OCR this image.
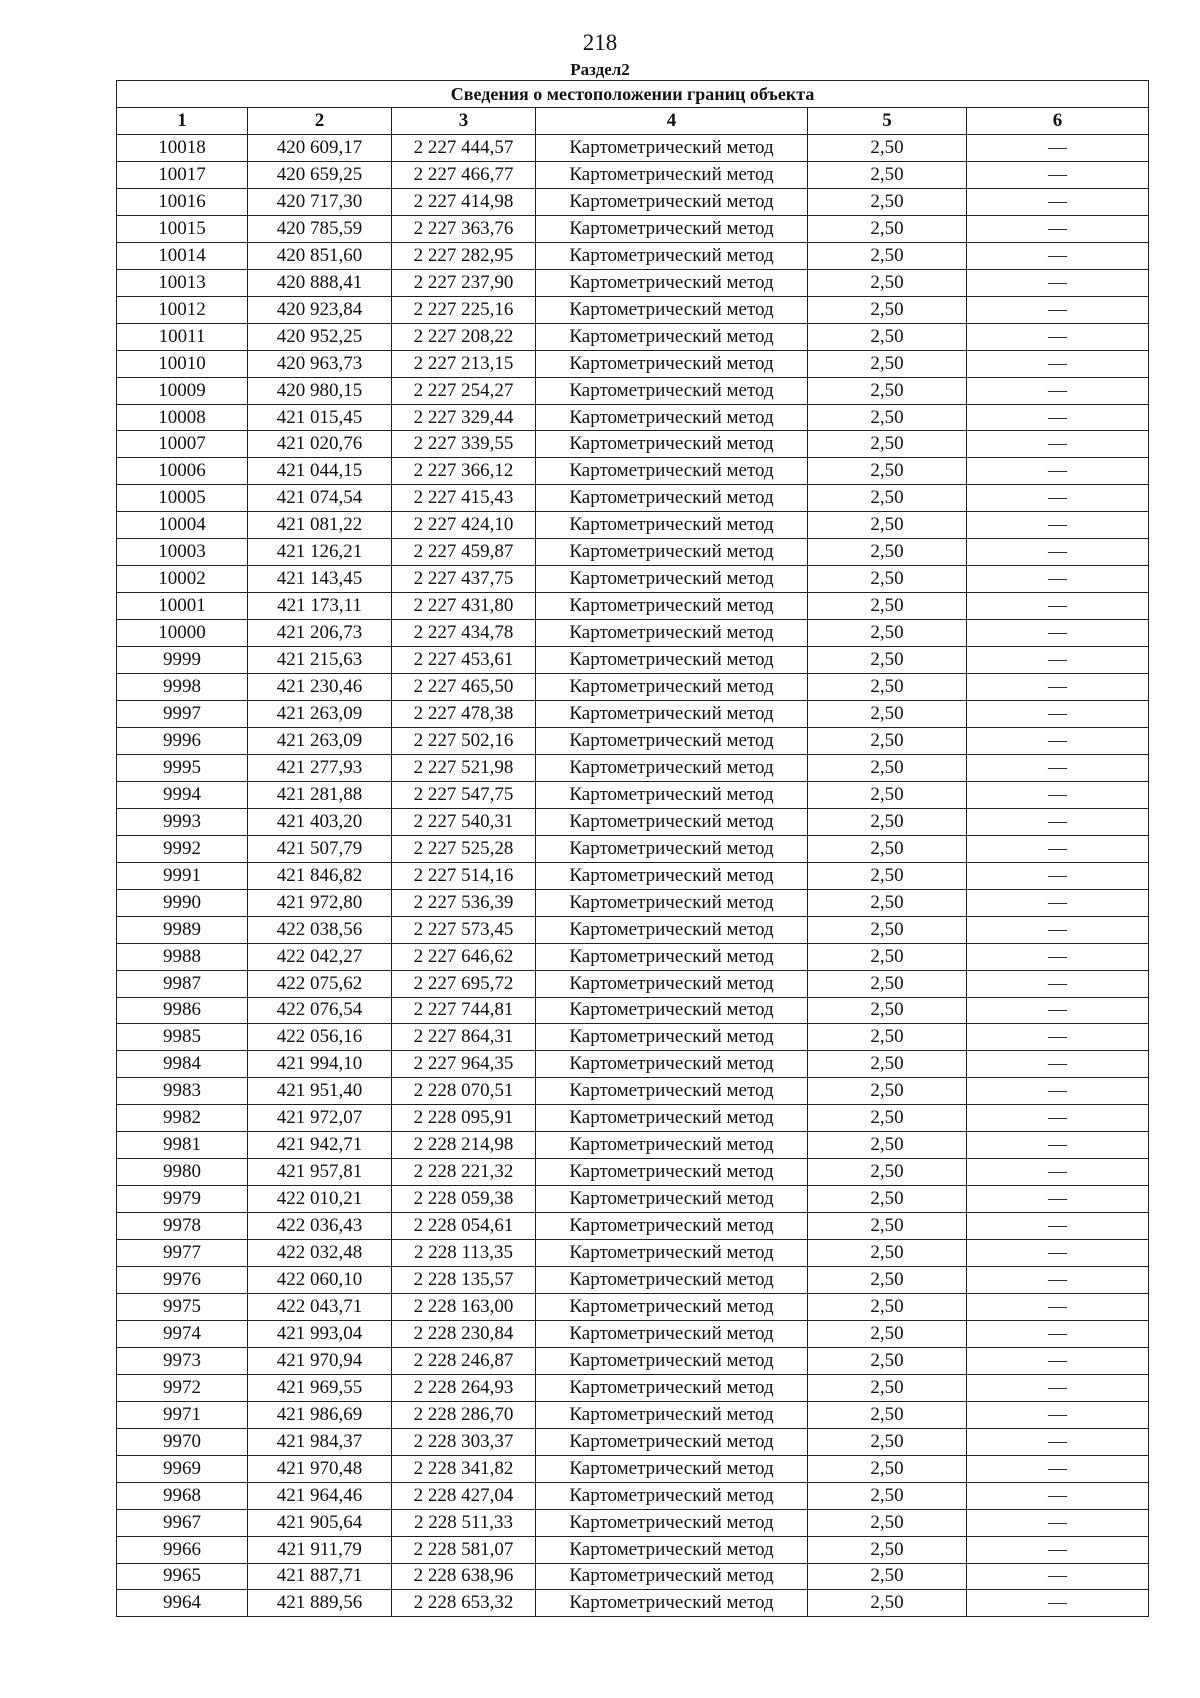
218
Раздел2
Сведения о местоположении границ объекта					
1	2	3	4	5	6
10018	420 609,17	2 227 444,57	Картометрический метод	2,50	—
10017	420 659,25	2 227 466,77	Картометрический метод	2,50	—
10016	420 717,30	2 227 414,98	Картометрический метод	2,50	—
10015	420 785,59	2 227 363,76	Картометрический метод	2,50	—
10014	420 851,60	2 227 282,95	Картометрический метод	2,50	—
10013	420 888,41	2 227 237,90	Картометрический метод	2,50	—
10012	420 923,84	2 227 225,16	Картометрический метод	2,50	—
10011	420 952,25	2 227 208,22	Картометрический метод	2,50	—
10010	420 963,73	2 227 213,15	Картометрический метод	2,50	—
10009	420 980,15	2 227 254,27	Картометрический метод	2,50	—
10008	421 015,45	2 227 329,44	Картометрический метод	2,50	—
10007	421 020,76	2 227 339,55	Картометрический метод	2,50	—
10006	421 044,15	2 227 366,12	Картометрический метод	2,50	—
10005	421 074,54	2 227 415,43	Картометрический метод	2,50	—
10004	421 081,22	2 227 424,10	Картометрический метод	2,50	—
10003	421 126,21	2 227 459,87	Картометрический метод	2,50	—
10002	421 143,45	2 227 437,75	Картометрический метод	2,50	—
10001	421 173,11	2 227 431,80	Картометрический метод	2,50	—
10000	421 206,73	2 227 434,78	Картометрический метод	2,50	—
9999	421 215,63	2 227 453,61	Картометрический метод	2,50	—
9998	421 230,46	2 227 465,50	Картометрический метод	2,50	—
9997	421 263,09	2 227 478,38	Картометрический метод	2,50	—
9996	421 263,09	2 227 502,16	Картометрический метод	2,50	—
9995	421 277,93	2 227 521,98	Картометрический метод	2,50	—
9994	421 281,88	2 227 547,75	Картометрический метод	2,50	—
9993	421 403,20	2 227 540,31	Картометрический метод	2,50	—
9992	421 507,79	2 227 525,28	Картометрический метод	2,50	—
9991	421 846,82	2 227 514,16	Картометрический метод	2,50	—
9990	421 972,80	2 227 536,39	Картометрический метод	2,50	—
9989	422 038,56	2 227 573,45	Картометрический метод	2,50	—
9988	422 042,27	2 227 646,62	Картометрический метод	2,50	—
9987	422 075,62	2 227 695,72	Картометрический метод	2,50	—
9986	422 076,54	2 227 744,81	Картометрический метод	2,50	—
9985	422 056,16	2 227 864,31	Картометрический метод	2,50	—
9984	421 994,10	2 227 964,35	Картометрический метод	2,50	—
9983	421 951,40	2 228 070,51	Картометрический метод	2,50	—
9982	421 972,07	2 228 095,91	Картометрический метод	2,50	—
9981	421 942,71	2 228 214,98	Картометрический метод	2,50	—
9980	421 957,81	2 228 221,32	Картометрический метод	2,50	—
9979	422 010,21	2 228 059,38	Картометрический метод	2,50	—
9978	422 036,43	2 228 054,61	Картометрический метод	2,50	—
9977	422 032,48	2 228 113,35	Картометрический метод	2,50	—
9976	422 060,10	2 228 135,57	Картометрический метод	2,50	—
9975	422 043,71	2 228 163,00	Картометрический метод	2,50	—
9974	421 993,04	2 228 230,84	Картометрический метод	2,50	—
9973	421 970,94	2 228 246,87	Картометрический метод	2,50	—
9972	421 969,55	2 228 264,93	Картометрический метод	2,50	—
9971	421 986,69	2 228 286,70	Картометрический метод	2,50	—
9970	421 984,37	2 228 303,37	Картометрический метод	2,50	—
9969	421 970,48	2 228 341,82	Картометрический метод	2,50	—
9968	421 964,46	2 228 427,04	Картометрический метод	2,50	—
9967	421 905,64	2 228 511,33	Картометрический метод	2,50	—
9966	421 911,79	2 228 581,07	Картометрический метод	2,50	—
9965	421 887,71	2 228 638,96	Картометрический метод	2,50	—
9964	421 889,56	2 228 653,32	Картометрический метод	2,50	—
